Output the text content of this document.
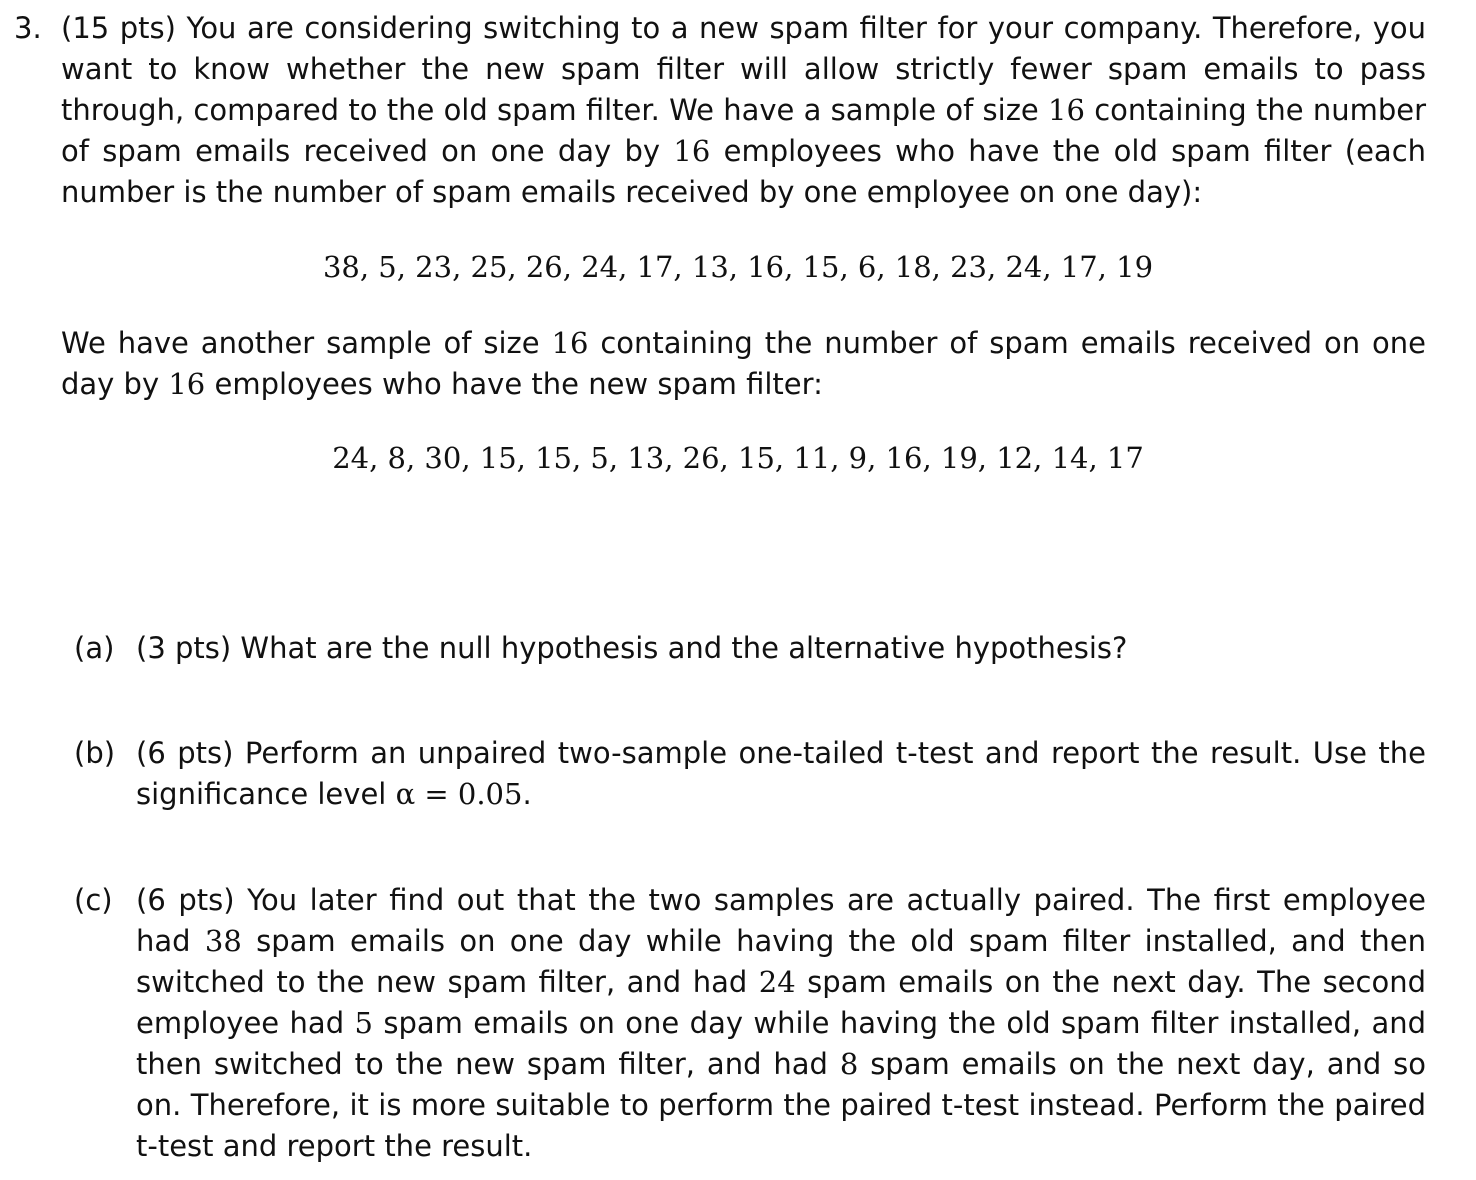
3. (15 pts) You are considering switching to a new spam filter for your company. Therefore, you want to know whether the new spam filter will allow strictly fewer spam emails to pass through, compared to the old spam filter. We have a sample of size 16 containing the number of spam emails received on one day by 16 employees who have the old spam filter (each number is the number of spam emails received by one employee on one day):
We have another sample of size 16 containing the number of spam emails received on one day by 16 employees who have the new spam filter:
38, 5, 23, 25, 26, 24, 17, 13, 16, 15, 6, 18, 23, 24, 17, 19
24, 8, 30, 15, 15, 5, 13, 26, 15, 11, 9, 16, 19, 12, 14, 17
(a) (3 pts) What are the null hypothesis and the alternative hypothesis?
(b) (6 pts) Perform an unpaired two-sample one-tailed t-test and report the result. Use the significance level α = 0.05.
(c) (6 pts) You later find out that the two samples are actually paired. The first employee had 38 spam emails on one day while having the old spam filter installed, and then switched to the new spam filter, and had 24 spam emails on the next day. The second employee had 5 spam emails on one day while having the old spam filter installed, and then switched to the new spam filter, and had 8 spam emails on the next day, and so on. Therefore, it is more suitable to perform the paired t-test instead. Perform the paired t-test and report the result.
